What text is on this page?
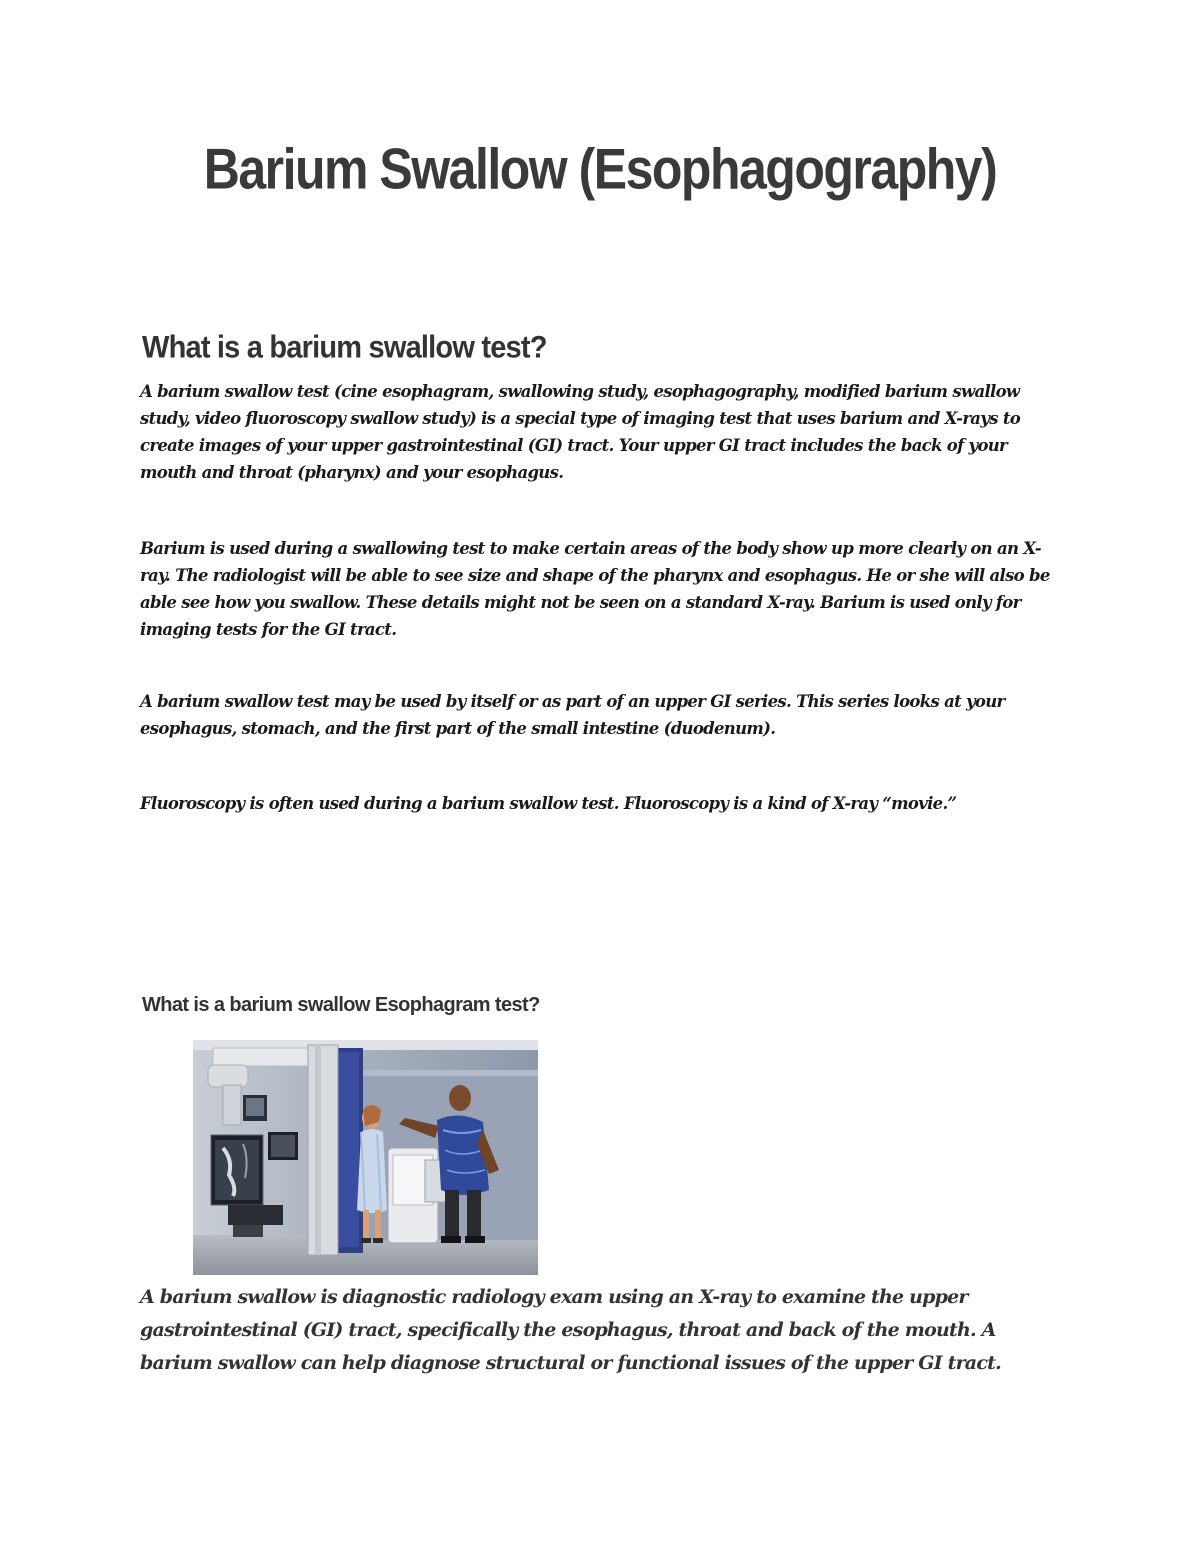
Barium Swallow (Esophagography)
What is a barium swallow test?

A barium swallow test (cine esophagram, swallowing study, esophagography, modified barium swallow study, video fluoroscopy swallow study) is a special type of imaging test that uses barium and X-rays to create images of your upper gastrointestinal (GI) tract. Your upper GI tract includes the back of your mouth and throat (pharynx) and your esophagus.

Barium is used during a swallowing test to make certain areas of the body show up more clearly on an X-ray. The radiologist will be able to see size and shape of the pharynx and esophagus. He or she will also be able see how you swallow. These details might not be seen on a standard X-ray. Barium is used only for imaging tests for the GI tract.

A barium swallow test may be used by itself or as part of an upper GI series. This series looks at your esophagus, stomach, and the first part of the small intestine (duodenum).

Fluoroscopy is often used during a barium swallow test. Fluoroscopy is a kind of X-ray “movie.”

What is a barium swallow Esophagram test?

A barium swallow is diagnostic radiology exam using an X-ray to examine the upper gastrointestinal (GI) tract, specifically the esophagus, throat and back of the mouth. A barium swallow can help diagnose structural or functional issues of the upper GI tract.
